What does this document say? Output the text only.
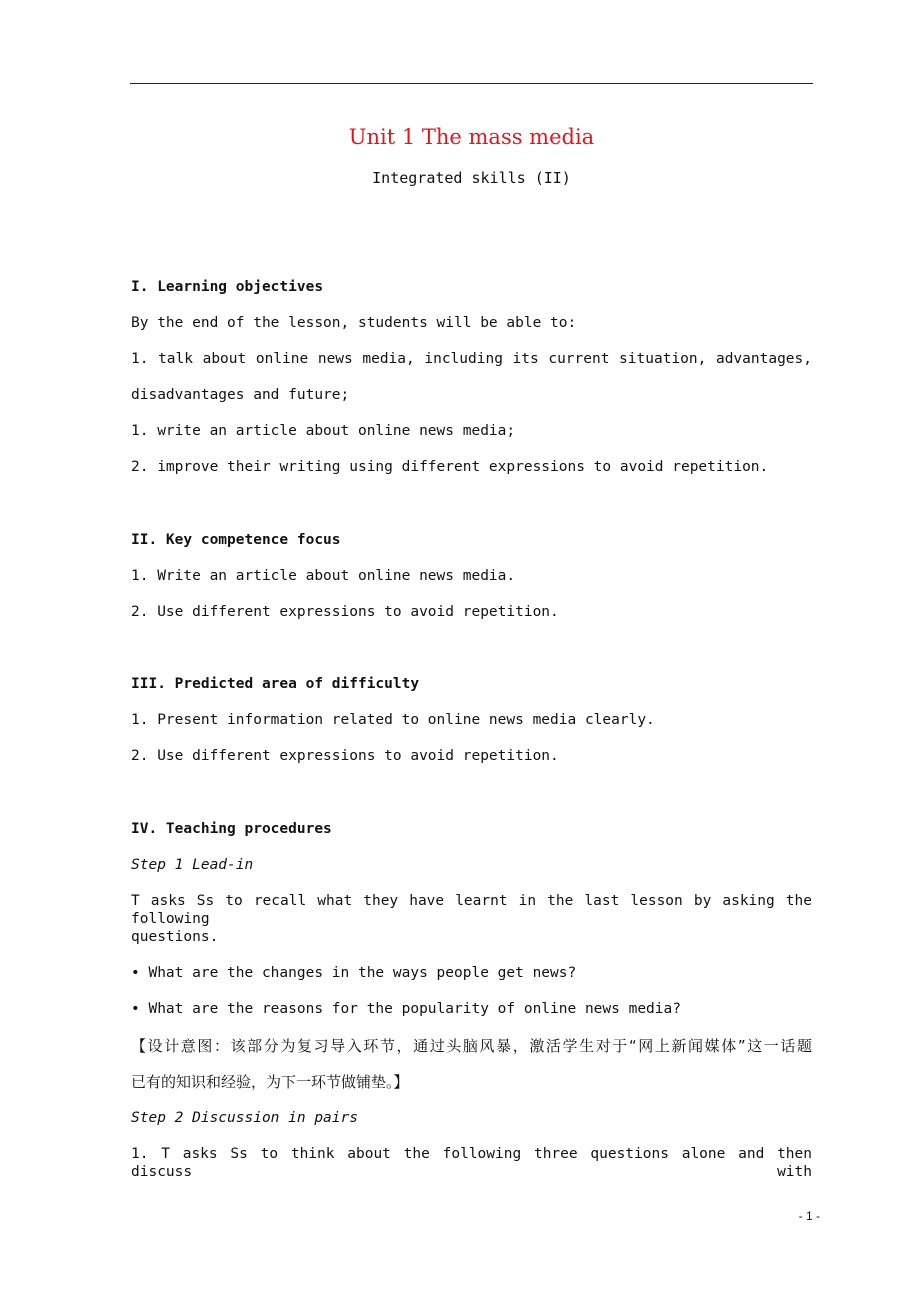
Unit 1 The mass media
Integrated skills (II)
I. Learning objectives
By the end of the lesson, students will be able to:
1. talk about online news media, including its current situation, advantages,
disadvantages and future;
1. write an article about online news media;
2. improve their writing using different expressions to avoid repetition.
II. Key competence focus
1. Write an article about online news media.
2. Use different expressions to avoid repetition.
III. Predicted area of difficulty
1. Present information related to online news media clearly.
2. Use different expressions to avoid repetition.
IV. Teaching procedures
Step 1 Lead-in
T asks Ss to recall what they have learnt in the last lesson by asking the following
questions.
• What are the changes in the ways people get news?
• What are the reasons for the popularity of online news media?
【设计意图：该部分为复习导入环节，通过头脑风暴，激活学生对于“网上新闻媒体”这一话题
已有的知识和经验，为下一环节做铺垫。】
Step 2 Discussion in pairs
1. T asks Ss to think about the following three questions alone and then discuss with
- 1 -
